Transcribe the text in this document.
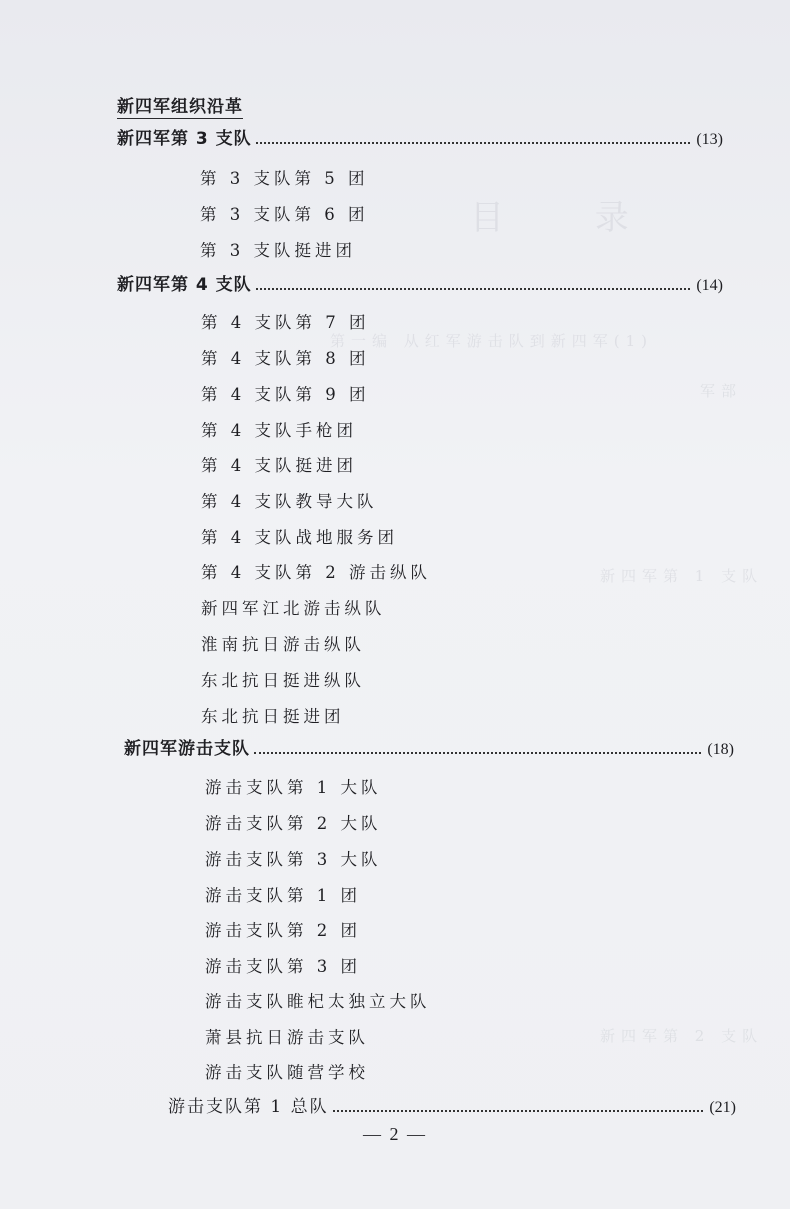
目 录
第一编 从红军游击队到新四军(1)
军部
新四军第 1 支队
新四军第 2 支队
新四军组织沿革
新四军第 3 支队	(13)
第 3 支队第 5 团
第 3 支队第 6 团
第 3 支队挺进团
新四军第 4 支队	(14)
第 4 支队第 7 团
第 4 支队第 8 团
第 4 支队第 9 团
第 4 支队手枪团
第 4 支队挺进团
第 4 支队教导大队
第 4 支队战地服务团
第 4 支队第 2 游击纵队
新四军江北游击纵队
淮南抗日游击纵队
东北抗日挺进纵队
东北抗日挺进团
新四军游击支队	(18)
游击支队第 1 大队
游击支队第 2 大队
游击支队第 3 大队
游击支队第 1 团
游击支队第 2 团
游击支队第 3 团
游击支队睢杞太独立大队
萧县抗日游击支队
游击支队随营学校
游击支队第 1 总队	(21)
— 2 —
